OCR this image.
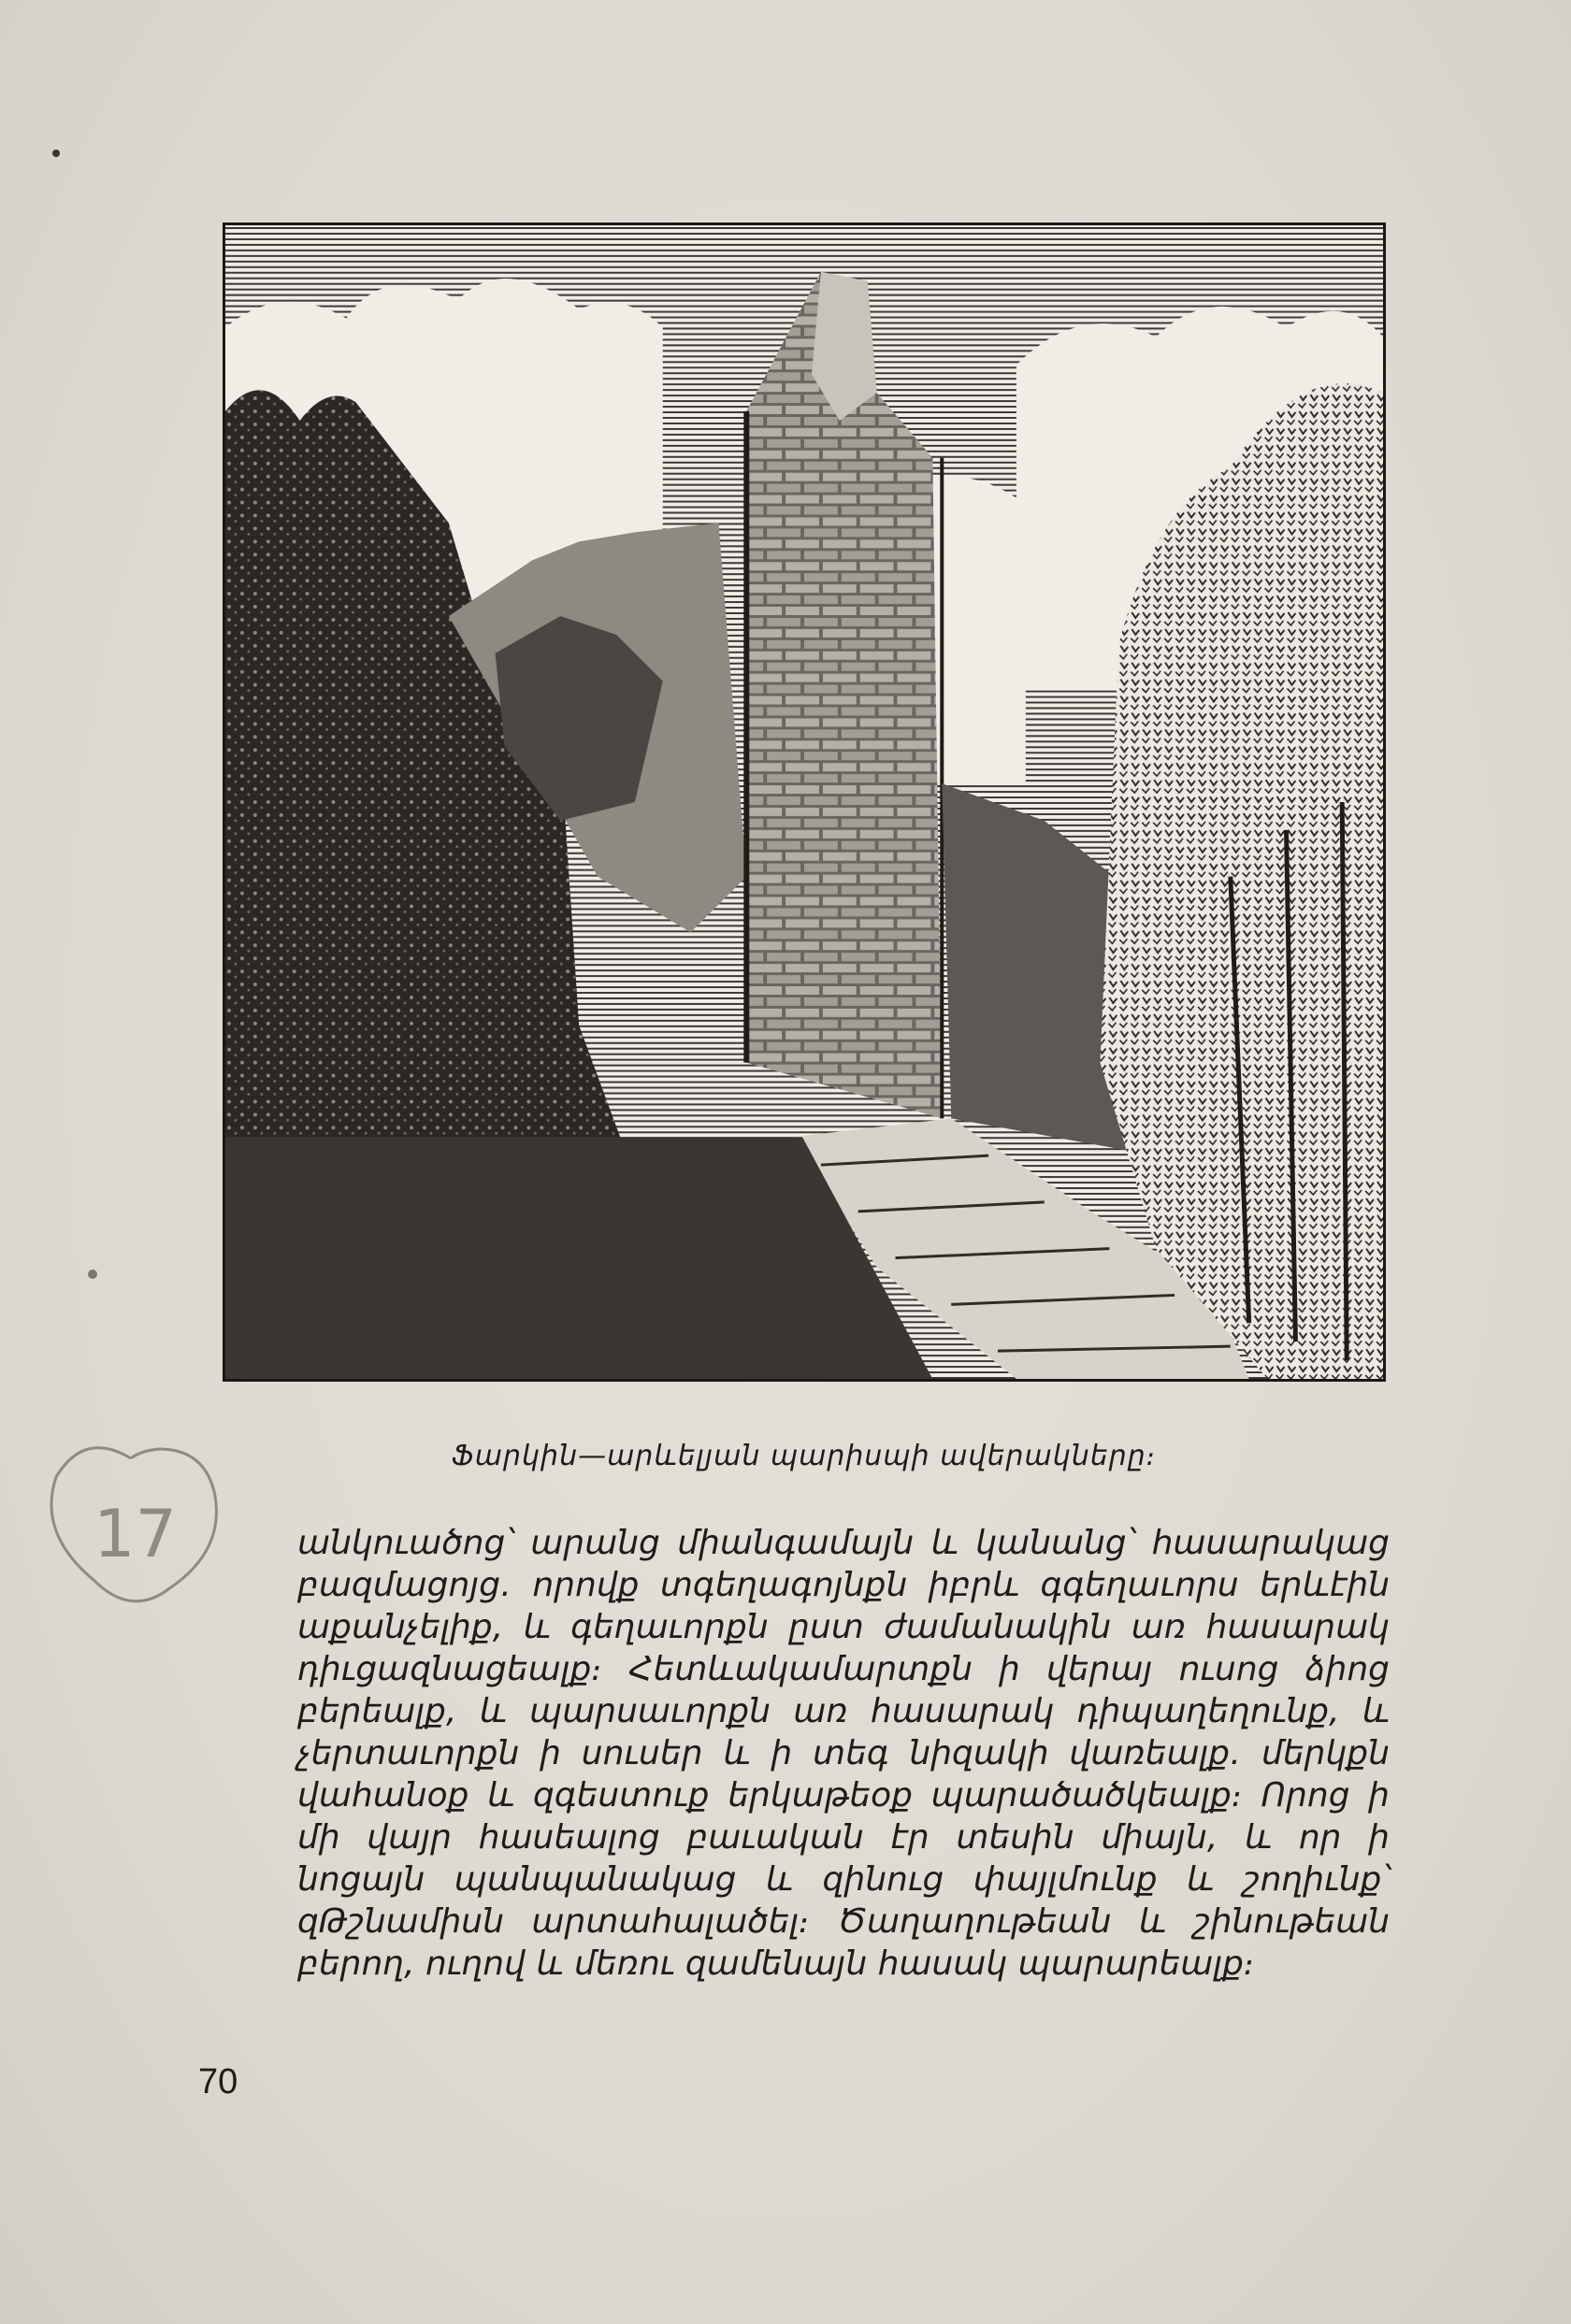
Ֆարկին—արևելյան պարիսպի ավերակները։
17	անկուածոց՝ արանց միանգամայն և կանանց՝ հասարակաց
բազմացոյց․ որովք տգեղագոյնքն իբրև գգեղաւորս երևէին
աքանչելիք, և գեղաւորքն ըստ ժամանակին առ հասարակ
դիւցազնացեալք։ Հետևակամարտքն ի վերայ ուսոց ձիոց
բերեալք, և պարսաւորքն առ հասարակ դիպաղեղունք, և
չերտաւորքն ի սուսեր և ի տեգ նիզակի վառեալք․ մերկքն
վահանօք և զգեստուք երկաթեօք պարածածկեալք։ Որոց ի
մի վայր հասեալոց բաւական էր տեսին միայն, և որ ի
նոցայն պանպանակաց և զինուց փայլմունք և շողիւնք՝
զԹշնամիսն արտահալածել։ Ծաղաղութեան և շինութեան
բերող, ուղով և մեռու զամենայն հասակ պարարեալք։
70
